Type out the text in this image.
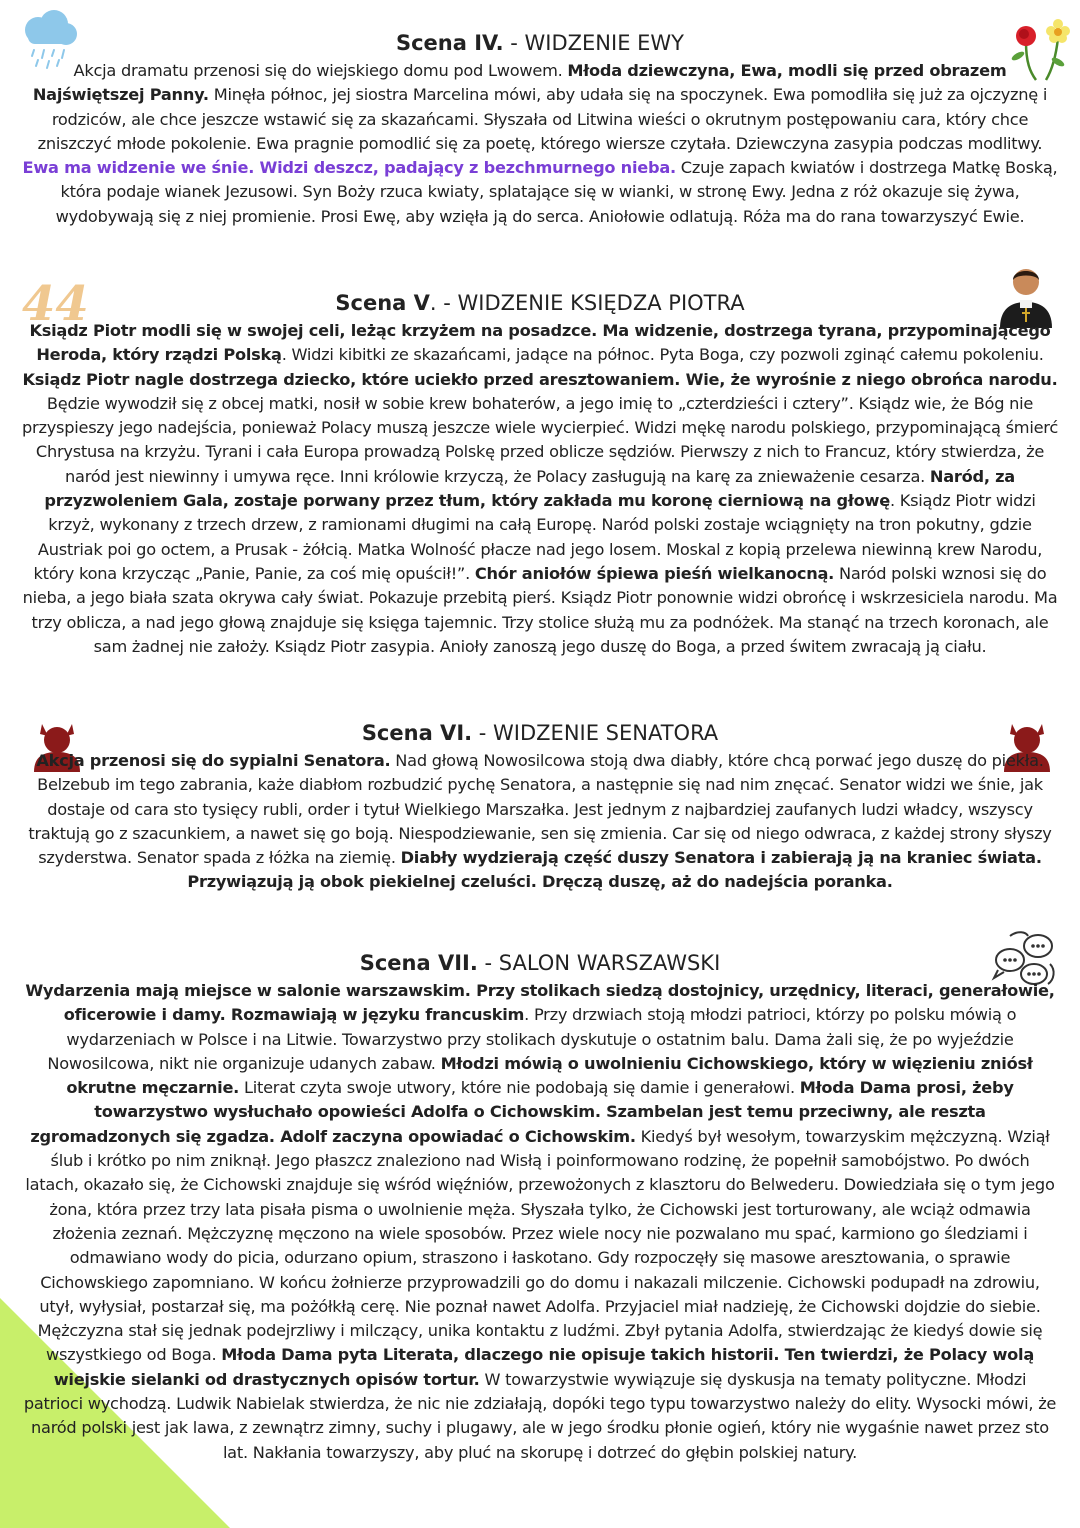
Scena IV. - WIDZENIE EWY

Akcja dramatu przenosi się do wiejskiego domu pod Lwowem. Młoda dziewczyna, Ewa, modli się przed obrazem Najświętszej Panny. Minęła północ, jej siostra Marcelina mówi, aby udała się na spoczynek. Ewa pomodliła się już za ojczyznę i rodziców, ale chce jeszcze wstawić się za skazańcami. Słyszała od Litwina wieści o okrutnym postępowaniu cara, który chce zniszczyć młode pokolenie. Ewa pragnie pomodlić się za poetę, którego wiersze czytała. Dziewczyna zasypia podczas modlitwy. Ewa ma widzenie we śnie. Widzi deszcz, padający z bezchmurnego nieba. Czuje zapach kwiatów i dostrzega Matkę Boską, która podaje wianek Jezusowi. Syn Boży rzuca kwiaty, splatające się w wianki, w stronę Ewy. Jedna z róż okazuje się żywa, wydobywają się z niej promienie. Prosi Ewę, aby wzięła ją do serca. Aniołowie odlatują. Róża ma do rana towarzyszyć Ewie.

44	Scena V. - WIDZENIE KSIĘDZA PIOTRA

Ksiądz Piotr modli się w swojej celi, leżąc krzyżem na posadzce. Ma widzenie, dostrzega tyrana, przypominającego Heroda, który rządzi Polską. Widzi kibitki ze skazańcami, jadące na północ. Pyta Boga, czy pozwoli zginąć całemu pokoleniu. Ksiądz Piotr nagle dostrzega dziecko, które uciekło przed aresztowaniem. Wie, że wyrośnie z niego obrońca narodu. Będzie wywodził się z obcej matki, nosił w sobie krew bohaterów, a jego imię to „czterdzieści i cztery”. Ksiądz wie, że Bóg nie przyspieszy jego nadejścia, ponieważ Polacy muszą jeszcze wiele wycierpieć. Widzi mękę narodu polskiego, przypominającą śmierć Chrystusa na krzyżu. Tyrani i cała Europa prowadzą Polskę przed oblicze sędziów. Pierwszy z nich to Francuz, który stwierdza, że naród jest niewinny i umywa ręce. Inni królowie krzyczą, że Polacy zasługują na karę za znieważenie cesarza. Naród, za przyzwoleniem Gala, zostaje porwany przez tłum, który zakłada mu koronę cierniową na głowę. Ksiądz Piotr widzi krzyż, wykonany z trzech drzew, z ramionami długimi na całą Europę. Naród polski zostaje wciągnięty na tron pokutny, gdzie Austriak poi go octem, a Prusak - żółcią. Matka Wolność płacze nad jego losem. Moskal z kopią przelewa niewinną krew Narodu, który kona krzycząc „Panie, Panie, za coś mię opuścił!”. Chór aniołów śpiewa pieśń wielkanocną. Naród polski wznosi się do nieba, a jego biała szata okrywa cały świat. Pokazuje przebitą pierś. Ksiądz Piotr ponownie widzi obrońcę i wskrzesiciela narodu. Ma trzy oblicza, a nad jego głową znajduje się księga tajemnic. Trzy stolice służą mu za podnóżek. Ma stanąć na trzech koronach, ale sam żadnej nie założy. Ksiądz Piotr zasypia. Anioły zanoszą jego duszę do Boga, a przed świtem zwracają ją ciału.

Scena VI. - WIDZENIE SENATORA

Akcja przenosi się do sypialni Senatora. Nad głową Nowosilcowa stoją dwa diabły, które chcą porwać jego duszę do piekła. Belzebub im tego zabrania, każe diabłom rozbudzić pychę Senatora, a następnie się nad nim znęcać. Senator widzi we śnie, jak dostaje od cara sto tysięcy rubli, order i tytuł Wielkiego Marszałka. Jest jednym z najbardziej zaufanych ludzi władcy, wszyscy traktują go z szacunkiem, a nawet się go boją. Niespodziewanie, sen się zmienia. Car się od niego odwraca, z każdej strony słyszy szyderstwa. Senator spada z łóżka na ziemię. Diabły wydzierają część duszy Senatora i zabierają ją na kraniec świata. Przywiązują ją obok piekielnej czeluści. Dręczą duszę, aż do nadejścia poranka.

Scena VII. - SALON WARSZAWSKI

Wydarzenia mają miejsce w salonie warszawskim. Przy stolikach siedzą dostojnicy, urzędnicy, literaci, generałowie, oficerowie i damy. Rozmawiają w języku francuskim. Przy drzwiach stoją młodzi patrioci, którzy po polsku mówią o wydarzeniach w Polsce i na Litwie. Towarzystwo przy stolikach dyskutuje o ostatnim balu. Dama żali się, że po wyjeździe Nowosilcowa, nikt nie organizuje udanych zabaw. Młodzi mówią o uwolnieniu Cichowskiego, który w więzieniu zniósł okrutne męczarnie. Literat czyta swoje utwory, które nie podobają się damie i generałowi. Młoda Dama prosi, żeby towarzystwo wysłuchało opowieści Adolfa o Cichowskim. Szambelan jest temu przeciwny, ale reszta zgromadzonych się zgadza. Adolf zaczyna opowiadać o Cichowskim. Kiedyś był wesołym, towarzyskim mężczyzną. Wziął ślub i krótko po nim zniknął. Jego płaszcz znaleziono nad Wisłą i poinformowano rodzinę, że popełnił samobójstwo. Po dwóch latach, okazało się, że Cichowski znajduje się wśród więźniów, przewożonych z klasztoru do Belwederu. Dowiedziała się o tym jego żona, która przez trzy lata pisała pisma o uwolnienie męża. Słyszała tylko, że Cichowski jest torturowany, ale wciąż odmawia złożenia zeznań. Mężczyznę męczono na wiele sposobów. Przez wiele nocy nie pozwalano mu spać, karmiono go śledziami i odmawiano wody do picia, odurzano opium, straszono i łaskotano. Gdy rozpoczęły się masowe aresztowania, o sprawie Cichowskiego zapomniano. W końcu żołnierze przyprowadzili go do domu i nakazali milczenie. Cichowski podupadł na zdrowiu, utył, wyłysiał, postarzał się, ma pożółkłą cerę. Nie poznał nawet Adolfa. Przyjaciel miał nadzieję, że Cichowski dojdzie do siebie. Mężczyzna stał się jednak podejrzliwy i milczący, unika kontaktu z ludźmi. Zbył pytania Adolfa, stwierdzając że kiedyś dowie się wszystkiego od Boga. Młoda Dama pyta Literata, dlaczego nie opisuje takich historii. Ten twierdzi, że Polacy wolą wiejskie sielanki od drastycznych opisów tortur. W towarzystwie wywiązuje się dyskusja na tematy polityczne. Młodzi patrioci wychodzą. Ludwik Nabielak stwierdza, że nic nie zdziałają, dopóki tego typu towarzystwo należy do elity. Wysocki mówi, że naród polski jest jak lawa, z zewnątrz zimny, suchy i plugawy, ale w jego środku płonie ogień, który nie wygaśnie nawet przez sto lat. Nakłania towarzyszy, aby pluć na skorupę i dotrzeć do głębin polskiej natury.
